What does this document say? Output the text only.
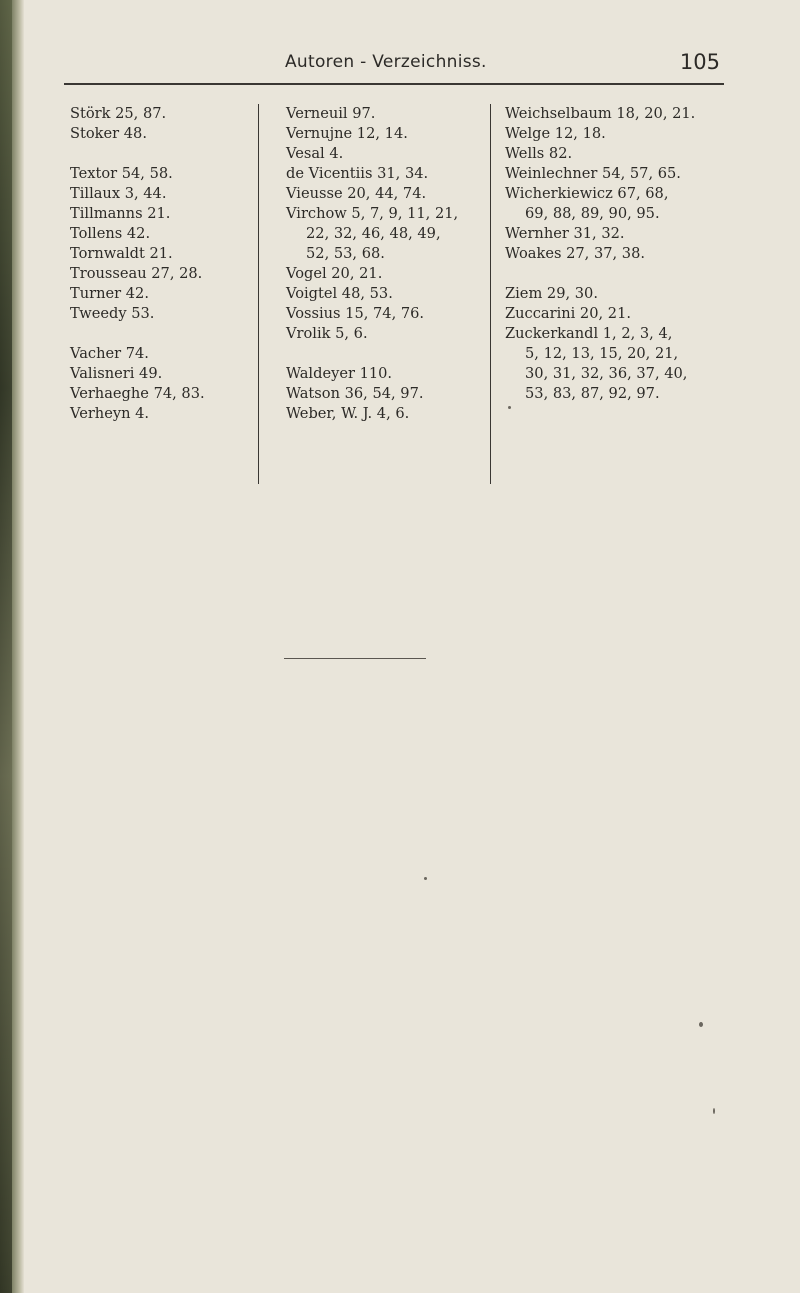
Autoren - Verzeichniss.	105
Störk 25, 87.
Stoker 48.
Textor 54, 58.
Tillaux 3, 44.
Tillmanns 21.
Tollens 42.
Tornwaldt 21.
Trousseau 27, 28.
Turner 42.
Tweedy 53.
Vacher 74.
Valisneri 49.
Verhaeghe 74, 83.
Verheyn 4.
Verneuil 97.
Vernujne 12, 14.
Vesal 4.
de Vicentiis 31, 34.
Vieusse 20, 44, 74.
Virchow 5, 7, 9, 11, 21,
22, 32, 46, 48, 49,
52, 53, 68.
Vogel 20, 21.
Voigtel 48, 53.
Vossius 15, 74, 76.
Vrolik 5, 6.
Waldeyer 110.
Watson 36, 54, 97.
Weber, W. J. 4, 6.
Weichselbaum 18, 20, 21.
Welge 12, 18.
Wells 82.
Weinlechner 54, 57, 65.
Wicherkiewicz 67, 68,
69, 88, 89, 90, 95.
Wernher 31, 32.
Woakes 27, 37, 38.
Ziem 29, 30.
Zuccarini 20, 21.
Zuckerkandl 1, 2, 3, 4,
5, 12, 13, 15, 20, 21,
30, 31, 32, 36, 37, 40,
53, 83, 87, 92, 97.
